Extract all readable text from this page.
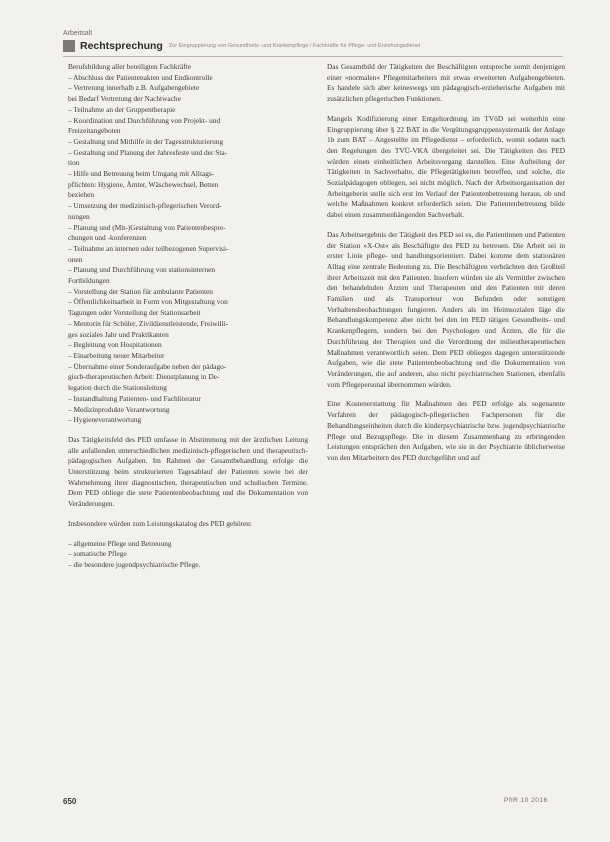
Arbeitsalt
Rechtsprechung Zur Eingruppierung von Gesundheits- und Krankenpflege / Fachkräfte für Pflege- und Erziehungsdienst
Berufsbildung aller beteiligten Fachkräfte
– Abschluss der Patientenakten und Endkontrolle
– Vertretung innerhalb z.B. Aufgabengebiete
bei Bedarf Vertretung der Nachtwache
– Teilnahme an der Gruppentherapie
– Koordination und Durchführung von Projekt- und
Freizeitangeboten
– Gestaltung und Mithilfe in der Tagesstrukturierung
– Gestaltung und Planung der Jahresfeste und der Sta-
tion
– Hilfe und Betreuung beim Umgang mit Alltags-
pflichten: Hygiene, Ämter, Wäschewechsel, Betten
beziehen
– Umsetzung der medizinisch-pflegerischen Verord-
nungen
– Planung und (Mit-)Gestaltung von Patientenbespre-
chungen und -konferenzen
– Teilnahme an internen oder teilbezogenen Supervisi-
onen
– Planung und Durchführung von stationsinternen
Fortbildungen
– Vorstellung der Station für ambulante Patienten
– Öffentlichkeitsarbeit in Form von Mitgestaltung von
Tagungen oder Vorstellung der Stationsarbeit
– Mentorin für Schüler, Zivildienstleistende, Freiwilli-
ges soziales Jahr und Praktikanten
– Begleitung von Hospitationen
– Einarbeitung neuer Mitarbeiter
– Übernahme einer Sonderaufgabe neben der pädago-
gisch-therapeutischen Arbeit: Dienstplanung in De-
legation durch die Stationsleitung
– Instandhaltung Patienten- und Fachliteratur
– Medizinprodukte Verantwortung
– Hygieneverantwortung

Das Tätigkeitsfeld des PED umfasse in Abstimmung mit der ärztlichen Leitung alle anfallenden unterschiedlichen medizinisch-pflegerischen und therapeutisch-pädagogischen Aufgaben. Im Rahmen der Gesamtbehandlung erfolge die Unterstützung beim strukturierten Tagesablauf der Patienten sowie bei der Wahrnehmung ihrer diagnostischen, therapeutischen und schulischen Termine. Dem PED obliege die stete Patientenbeobachtung und die Dokumentation von Veränderungen.

Insbesondere würden zum Leistungskatalog des PED gehören:

– allgemeine Pflege und Betreuung
– somatische Pflege
– die besondere jugendpsychiatrische Pflege.

Das Gesamtbild der Tätigkeiten der Beschäftigten entspreche somit denjenigen einer »normalen« Pflegemitarbeiters mit etwas erweiterten Aufgabengebieten. Es handele sich aber keineswegs um pädagogisch-erzieherische Aufgaben mit zusätzlichen pflegerischen Funktionen.

Mangels Kodifizierung einer Entgeltordnung im TVöD sei weiterhin eine Eingruppierung über § 22 BAT in die Vergütungsgruppensystematik der Anlage 1b zum BAT – Angestellte im Pflegedienst – erforderlich, womit sodann nach den Regelungen des TVÜ-VKA übergeleitet sei. Die Tätigkeiten des PED würden einen einheitlichen Arbeitsvorgang darstellen. Eine Aufteilung der Tätigkeiten in Sachverhalte, die Pflegetätigkeiten betreffen, und solche, die Sozialpädagogen obliegen, sei nicht möglich. Nach der Arbeitsorganisation der Arbeitgeberin stelle sich erst im Verlauf der Patientenbetreuung heraus, ob und welche Maßnahmen konkret erforderlich seien. Die Patientenbetreuung bilde dabei einen zusammenhängenden Sachverhalt.

Das Arbeitsergebnis der Tätigkeit des PED sei es, die Patientinnen und Patienten der Station »X-Ost« als Beschäftigte des PED zu betreuen. Die Arbeit sei in erster Linie pflege- und handlungsorientiert. Dabei komme dem stationären Alltag eine zentrale Bedeutung zu. Die Beschäftigten verbrächten den Großteil ihrer Arbeitszeit mit den Patienten. Insofern würden sie als Vermittler zwischen den behandelnden Ärzten und Therapeuten und den Patienten mit deren Familien und als Transporteur von Befunden oder sonstigen Verhaltensbeobachtungen fungieren. Anders als im Heimsozialen läge die Behandlungskompetenz aber nicht bei den im PED tätigen Gesundheits- und Krankenpflegern, sondern bei den Psychologen und Ärzten, die für die Durchführung der Therapien und die Verordnung der milieutherapeutischen Maßnahmen verantwortlich seien. Dem PED obliegen dagegen unterstützende Aufgaben, wie die stete Patientenbeobachtung und die Dokumentation von Veränderungen, die auf anderen, also nicht psychiatrischen Stationen, ebenfalls vom Pflegepersonal übernommen würden.

Eine Kostenerstattung für Maßnahmen des PED erfolge als sogenannte Verfahren der pädagogisch-pflegerischen Fachpersonen für die Behandlungseinheiten durch die kinderpsychiatrische bzw. jugendpsychiatrische Pflege und Bezugspflege. Die in diesem Zusammenhang zu erbringenden Leistungen entsprächen den Aufgaben, wie sie in der Psychiatrie üblicherweise von den Mitarbeitern des PED durchgeführt und auf

650	PflR 10 2016
